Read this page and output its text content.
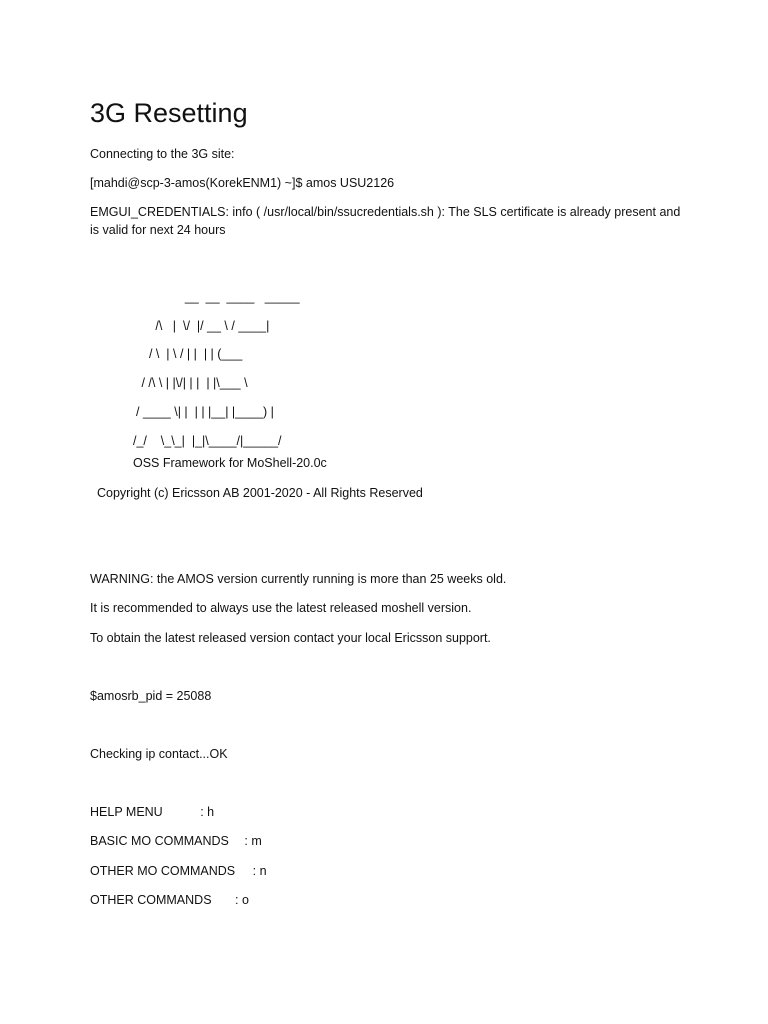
3G Resetting

Connecting to the 3G site:

[mahdi@scp-3-amos(KorekENM1) ~]$ amos USU2126

EMGUI_CREDENTIALS: info ( /usr/local/bin/ssucredentials.sh ): The SLS certificate is already present and is valid for next 24 hours

__  __  ____   _____
/\   |  \/  |/ __ \ / ____|
/ \  | \ / | |  | | (___
/ /\ \ | |\/| | |  | |\___ \
/ ____ \| |  | | |__| |____) |
/_/    \_\_|  |_|\____/|_____/

OSS Framework for MoShell-20.0c

Copyright (c) Ericsson AB 2001-2020 - All Rights Reserved

WARNING: the AMOS version currently running is more than 25 weeks old.

It is recommended to always use the latest released moshell version.

To obtain the latest released version contact your local Ericsson support.

$amosrb_pid = 25088

Checking ip contact...OK

HELP MENU	: h
BASIC MO COMMANDS : m
OTHER MO COMMANDS : n
OTHER COMMANDS : o
